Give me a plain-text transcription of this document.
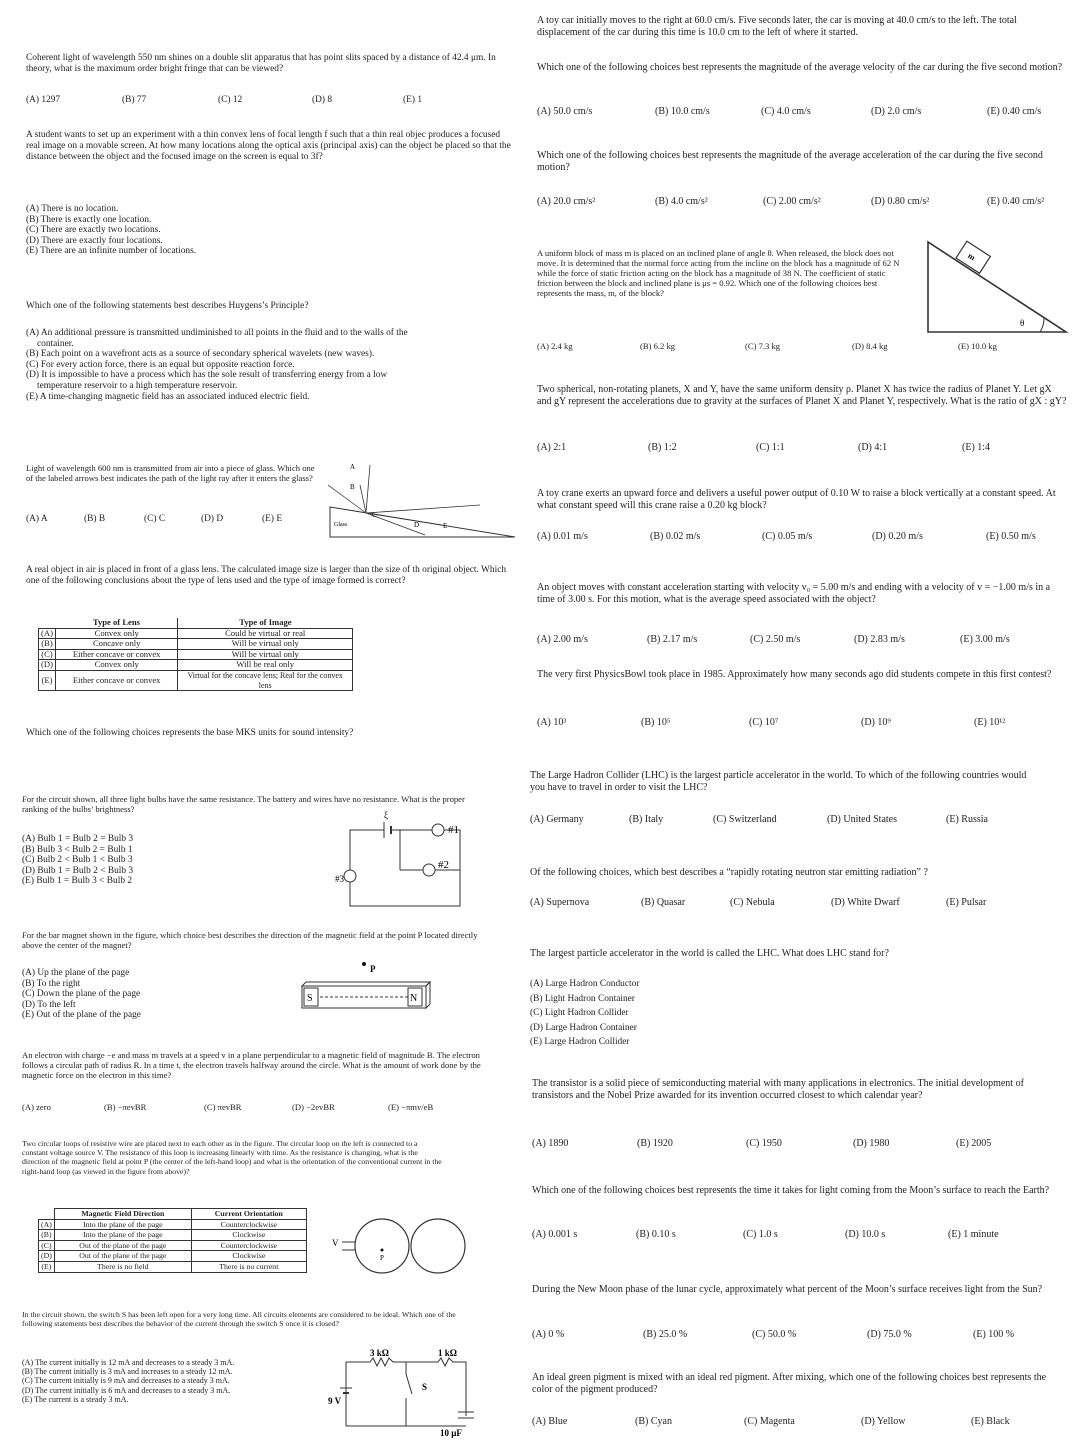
Coherent light of wavelength 550 nm shines on a double slit apparatus that has point slits spaced by a distance of 42.4 μm. In theory, what is the maximum order bright fringe that can be viewed?

(A) 1297	(B) 77	(C) 12	(D) 8	(E) 1

A student wants to set up an experiment with a thin convex lens of focal length f such that a thin real objec produces a focused real image on a movable screen. At how many locations along the optical axis (principal axis) can the object be placed so that the distance between the object and the focused image on the screen is equal to 3f?

(A) There is no location.
(B) There is exactly one location.
(C) There are exactly two locations.
(D) There are exactly four locations.
(E) There are an infinite number of locations.

Which one of the following statements best describes Huygens’s Principle?

(A) An additional pressure is transmitted undiminished to all points in the fluid and to the walls of the
container.
(B) Each point on a wavefront acts as a source of secondary spherical wavelets (new waves).
(C) For every action force, there is an equal but opposite reaction force.
(D) It is impossible to have a process which has the sole result of transferring energy from a low
temperature reservoir to a high temperature reservoir.
(E) A time-changing magnetic field has an associated induced electric field.

Light of wavelength 600 nm is transmitted from air into a piece of glass. Which one of the labeled arrows best indicates the path of the light ray after it enters the glass?

(A) A	(B) B	(C) C	(D) D	(E) E
A
B
C
D	E
Glass

A real object in air is placed in front of a glass lens. The calculated image size is larger than the size of th original object. Which one of the following conclusions about the type of lens used and the type of image formed is correct?

	Type of Lens	Type of Image
(A)	Convex only	Could be virtual or real
(B)	Concave only	Will be virtual only
(C)	Either concave or convex	Will be virtual only
(D)	Convex only	Will be real only
(E)	Either concave or convex	Virtual for the concave lens; Real for the convex lens

Which one of the following choices represents the base MKS units for sound intensity?

For the circuit shown, all three light bulbs have the same resistance. The battery and wires have no resistance. What is the proper ranking of the bulbs’ brightness?

(A) Bulb 1 = Bulb 2 = Bulb 3
(B) Bulb 3 < Bulb 2 = Bulb 1
(C) Bulb 2 < Bulb 1 < Bulb 3
(D) Bulb 1 = Bulb 2 < Bulb 3
(E) Bulb 1 = Bulb 3 < Bulb 2
ξ
#1
#2
#3

For the bar magnet shown in the figure, which choice best describes the direction of the magnetic field at the point P located directly above the center of the magnet?

(A) Up the plane of the page
(B) To the right
(C) Down the plane of the page
(D) To the left
(E) Out of the plane of the page
P
S	N

An electron with charge −e and mass m travels at a speed v in a plane perpendicular to a magnetic field of magnitude B. The electron follows a circular path of radius R. In a time t, the electron travels halfway around the circle. What is the amount of work done by the magnetic force on the electron in this time?

(A) zero	(B) −πevBR	(C) πevBR	(D) −2evBR	(E) −πmv/eB

Two circular loops of resistive wire are placed next to each other as in the figure. The circular loop on the left is connected to a constant voltage source V. The resistance of this loop is increasing linearly with time. As the resistance is changing, what is the direction of the magnetic field at point P (the center of the left-hand loop) and what is the orientation of the conventional current in the right-hand loop (as viewed in the figure from above)?

	Magnetic Field Direction	Current Orientation
(A)	Into the plane of the page	Counterclockwise
(B)	Into the plane of the page	Clockwise
(C)	Out of the plane of the page	Counterclockwise
(D)	Out of the plane of the page	Clockwise
(E)	There is no field	There is no current
V
P

In the circuit shown, the switch S has been left open for a very long time. All circuits elements are considered to be ideal. Which one of the following statements best describes the behavior of the current through the switch S once it is closed?

(A) The current initially is 12 mA and decreases to a steady 3 mA.
(B) The current initially is 3 mA and increases to a steady 12 mA.
(C) The current initially is 9 mA and decreases to a steady 3 mA.
(D) The current initially is 6 mA and decreases to a steady 3 mA.
(E) The current is a steady 3 mA.
3 kΩ	1 kΩ
9 V
S
10 μF

A toy car initially moves to the right at 60.0 cm/s. Five seconds later, the car is moving at 40.0 cm/s to the left. The total displacement of the car during this time is 10.0 cm to the left of where it started.

Which one of the following choices best represents the magnitude of the average velocity of the car during the five second motion?

(A) 50.0 cm/s	(B) 10.0 cm/s	(C) 4.0 cm/s	(D) 2.0 cm/s	(E) 0.40 cm/s

Which one of the following choices best represents the magnitude of the average acceleration of the car during the five second motion?

(A) 20.0 cm/s²	(B) 4.0 cm/s²	(C) 2.00 cm/s²	(D) 0.80 cm/s²	(E) 0.40 cm/s²

A uniform block of mass m is placed on an inclined plane of angle θ. When released, the block does not move. It is determined that the normal force acting from the incline on the block has a magnitude of 62 N while the force of static friction acting on the block has a magnitude of 38 N. The coefficient of static friction between the block and inclined plane is μs = 0.92. Which one of the following choices best represents the mass, m, of the block?

m
θ
(A) 2.4 kg	(B) 6.2 kg	(C) 7.3 kg	(D) 8.4 kg	(E) 10.0 kg

Two spherical, non-rotating planets, X and Y, have the same uniform density ρ. Planet X has twice the radius of Planet Y. Let gX and gY represent the accelerations due to gravity at the surfaces of Planet X and Planet Y, respectively. What is the ratio of gX : gY?

(A) 2:1	(B) 1:2	(C) 1:1	(D) 4:1	(E) 1:4

A toy crane exerts an upward force and delivers a useful power output of 0.10 W to raise a block vertically at a constant speed. At what constant speed will this crane raise a 0.20 kg block?

(A) 0.01 m/s	(B) 0.02 m/s	(C) 0.05 m/s	(D) 0.20 m/s	(E) 0.50 m/s

An object moves with constant acceleration starting with velocity v₀ = 5.00 m/s and ending with a velocity of v = −1.00 m/s in a time of 3.00 s. For this motion, what is the average speed associated with the object?

(A) 2.00 m/s	(B) 2.17 m/s	(C) 2.50 m/s	(D) 2.83 m/s	(E) 3.00 m/s

The very first PhysicsBowl took place in 1985. Approximately how many seconds ago did students compete in this first contest?

(A) 10³	(B) 10⁵	(C) 10⁷	(D) 10⁹	(E) 10¹²

The Large Hadron Collider (LHC) is the largest particle accelerator in the world. To which of the following countries would you have to travel in order to visit the LHC?

(A) Germany	(B) Italy	(C) Switzerland	(D) United States	(E) Russia

Of the following choices, which best describes a “rapidly rotating neutron star emitting radiation” ?

(A) Supernova	(B) Quasar	(C) Nebula	(D) White Dwarf	(E) Pulsar

The largest particle accelerator in the world is called the LHC. What does LHC stand for?

(A) Large Hadron Conductor
(B) Light Hadron Container
(C) Light Hadron Collider
(D) Large Hadron Container
(E) Large Hadron Collider

The transistor is a solid piece of semiconducting material with many applications in electronics. The initial development of transistors and the Nobel Prize awarded for its invention occurred closest to which calendar year?

(A) 1890	(B) 1920	(C) 1950	(D) 1980	(E) 2005

Which one of the following choices best represents the time it takes for light coming from the Moon’s surface to reach the Earth?

(A) 0.001 s	(B) 0.10 s	(C) 1.0 s	(D) 10.0 s	(E) 1 minute

During the New Moon phase of the lunar cycle, approximately what percent of the Moon’s surface receives light from the Sun?

(A) 0 %	(B) 25.0 %	(C) 50.0 %	(D) 75.0 %	(E) 100 %

An ideal green pigment is mixed with an ideal red pigment. After mixing, which one of the following choices best represents the color of the pigment produced?

(A) Blue	(B) Cyan	(C) Magenta	(D) Yellow	(E) Black
